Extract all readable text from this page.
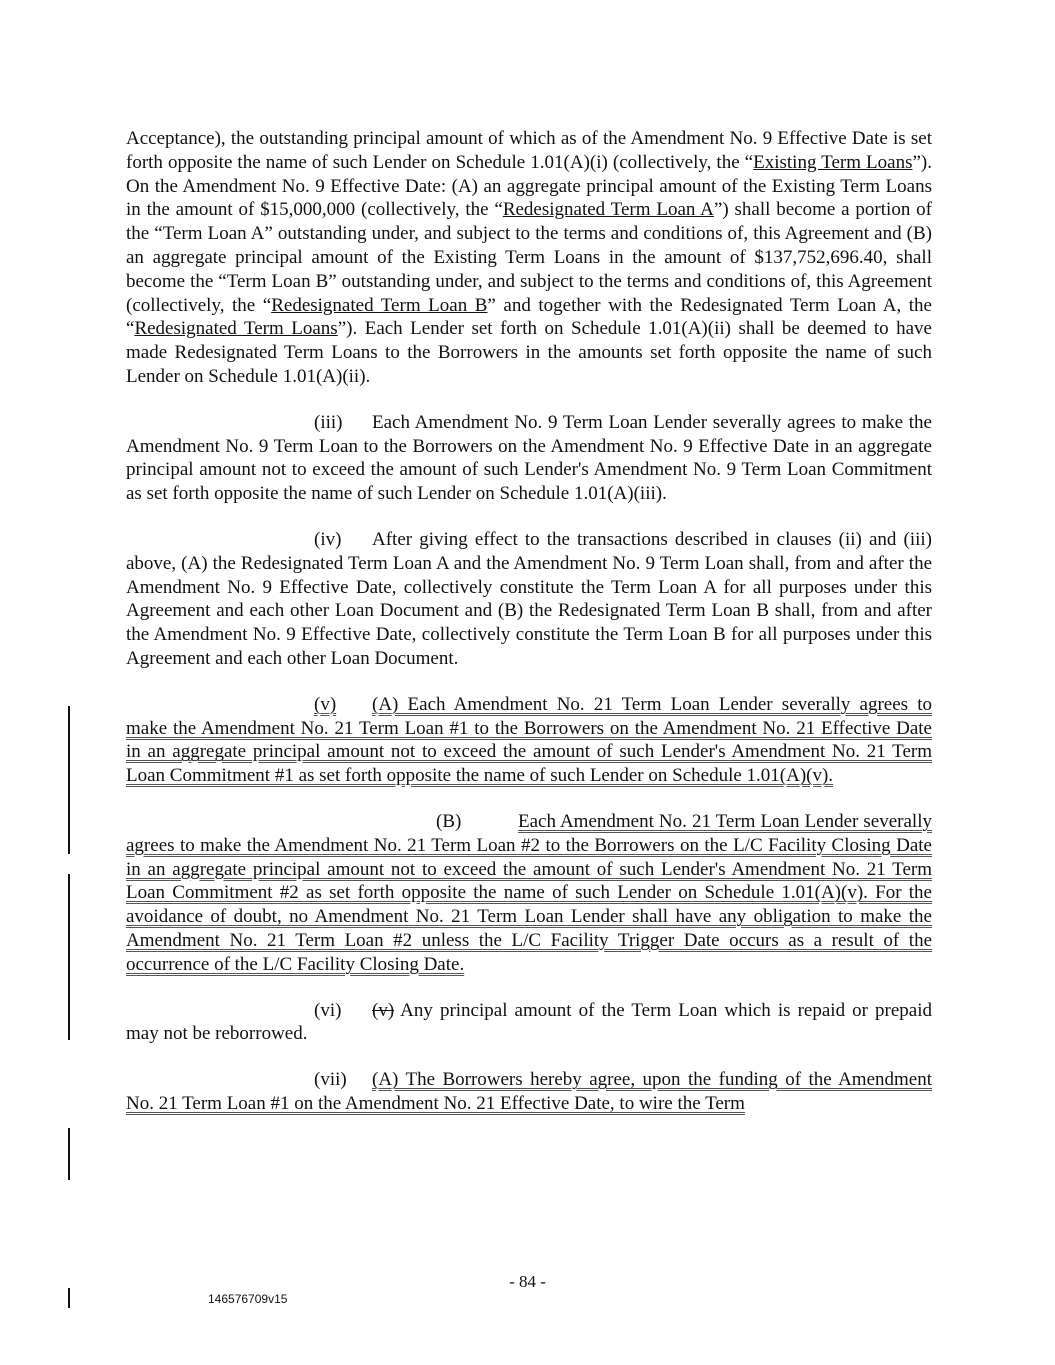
Acceptance), the outstanding principal amount of which as of the Amendment No. 9 Effective Date is set forth opposite the name of such Lender on Schedule 1.01(A)(i) (collectively, the “Existing Term Loans”). On the Amendment No. 9 Effective Date: (A) an aggregate principal amount of the Existing Term Loans in the amount of $15,000,000 (collectively, the “Redesignated Term Loan A”) shall become a portion of the “Term Loan A” outstanding under, and subject to the terms and conditions of, this Agreement and (B) an aggregate principal amount of the Existing Term Loans in the amount of $137,752,696.40, shall become the “Term Loan B” outstanding under, and subject to the terms and conditions of, this Agreement (collectively, the “Redesignated Term Loan B” and together with the Redesignated Term Loan A, the “Redesignated Term Loans”). Each Lender set forth on Schedule 1.01(A)(ii) shall be deemed to have made Redesignated Term Loans to the Borrowers in the amounts set forth opposite the name of such Lender on Schedule 1.01(A)(ii).

(iii) Each Amendment No. 9 Term Loan Lender severally agrees to make the Amendment No. 9 Term Loan to the Borrowers on the Amendment No. 9 Effective Date in an aggregate principal amount not to exceed the amount of such Lender's Amendment No. 9 Term Loan Commitment as set forth opposite the name of such Lender on Schedule 1.01(A)(iii).

(iv) After giving effect to the transactions described in clauses (ii) and (iii) above, (A) the Redesignated Term Loan A and the Amendment No. 9 Term Loan shall, from and after the Amendment No. 9 Effective Date, collectively constitute the Term Loan A for all purposes under this Agreement and each other Loan Document and (B) the Redesignated Term Loan B shall, from and after the Amendment No. 9 Effective Date, collectively constitute the Term Loan B for all purposes under this Agreement and each other Loan Document.

(v) (A) Each Amendment No. 21 Term Loan Lender severally agrees to make the Amendment No. 21 Term Loan #1 to the Borrowers on the Amendment No. 21 Effective Date in an aggregate principal amount not to exceed the amount of such Lender's Amendment No. 21 Term Loan Commitment #1 as set forth opposite the name of such Lender on Schedule 1.01(A)(v).

(B)	Each Amendment No. 21 Term Loan Lender severally agrees to make the Amendment No. 21 Term Loan #2 to the Borrowers on the L/C Facility Closing Date in an aggregate principal amount not to exceed the amount of such Lender's Amendment No. 21 Term Loan Commitment #2 as set forth opposite the name of such Lender on Schedule 1.01(A)(v). For the avoidance of doubt, no Amendment No. 21 Term Loan Lender shall have any obligation to make the Amendment No. 21 Term Loan #2 unless the L/C Facility Trigger Date occurs as a result of the occurrence of the L/C Facility Closing Date.

(vi) (v) Any principal amount of the Term Loan which is repaid or prepaid may not be reborrowed.

(vii) (A) The Borrowers hereby agree, upon the funding of the Amendment No. 21 Term Loan #1 on the Amendment No. 21 Effective Date, to wire the Term

- 84 -
146576709v15
